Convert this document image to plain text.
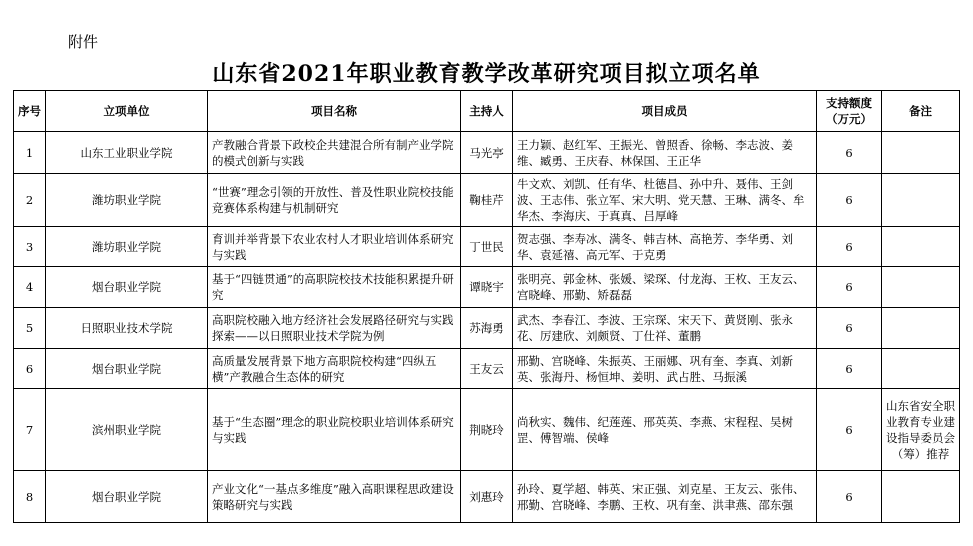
附件
山东省2021年职业教育教学改革研究项目拟立项名单
序号	立项单位	项目名称	主持人	项目成员	支持额度（万元）	备注
1	山东工业职业学院	产教融合背景下政校企共建混合所有制产业学院的模式创新与实践	马光亭	王力颖、赵红军、王振光、曾照香、徐畅、李志波、姜维、臧勇、王庆春、林保国、王正华	6	
2	潍坊职业学院	“世赛”理念引领的开放性、普及性职业院校技能竞赛体系构建与机制研究	鞠桂芹	牛文欢、刘凯、任有华、杜德昌、孙中升、聂伟、王剑波、王志伟、张立军、宋大明、党天慧、王琳、满冬、牟华杰、李海庆、于真真、吕厚峰	6	
3	潍坊职业学院	育训并举背景下农业农村人才职业培训体系研究与实践	丁世民	贺志强、李寿冰、满冬、韩吉林、高艳芳、李华勇、刘华、袁延禧、高元军、于克勇	6	
4	烟台职业学院	基于“四链贯通”的高职院校技术技能积累提升研究	谭晓宇	张明亮、郭金林、张媛、梁琛、付龙海、王枚、王友云、宫晓峰、邢勤、矫磊磊	6	
5	日照职业技术学院	高职院校融入地方经济社会发展路径研究与实践探索——以日照职业技术学院为例	苏海勇	武杰、李春江、李波、王宗琛、宋天下、黄贤刚、张永花、厉建欣、刘颇贤、丁仕祥、董鹏	6	
6	烟台职业学院	高质量发展背景下地方高职院校构建“四纵五横”产教融合生态体的研究	王友云	邢勤、宫晓峰、朱振英、王丽娜、巩有奎、李真、刘新英、张海丹、杨恒坤、姜明、武占胜、马振溪	6	
7	滨州职业学院	基于“生态圈”理念的职业院校职业培训体系研究与实践	荆晓玲	尚秋实、魏伟、纪莲莲、邢英英、李燕、宋程程、吴树罡、傅智端、侯峰	6	山东省安全职业教育专业建设指导委员会（筹）推荐
8	烟台职业学院	产业文化“一基点多维度”融入高职课程思政建设策略研究与实践	刘惠玲	孙玲、夏学超、韩英、宋正强、刘克星、王友云、张伟、邢勤、宫晓峰、李鹏、王枚、巩有奎、洪聿燕、邵东强	6	
